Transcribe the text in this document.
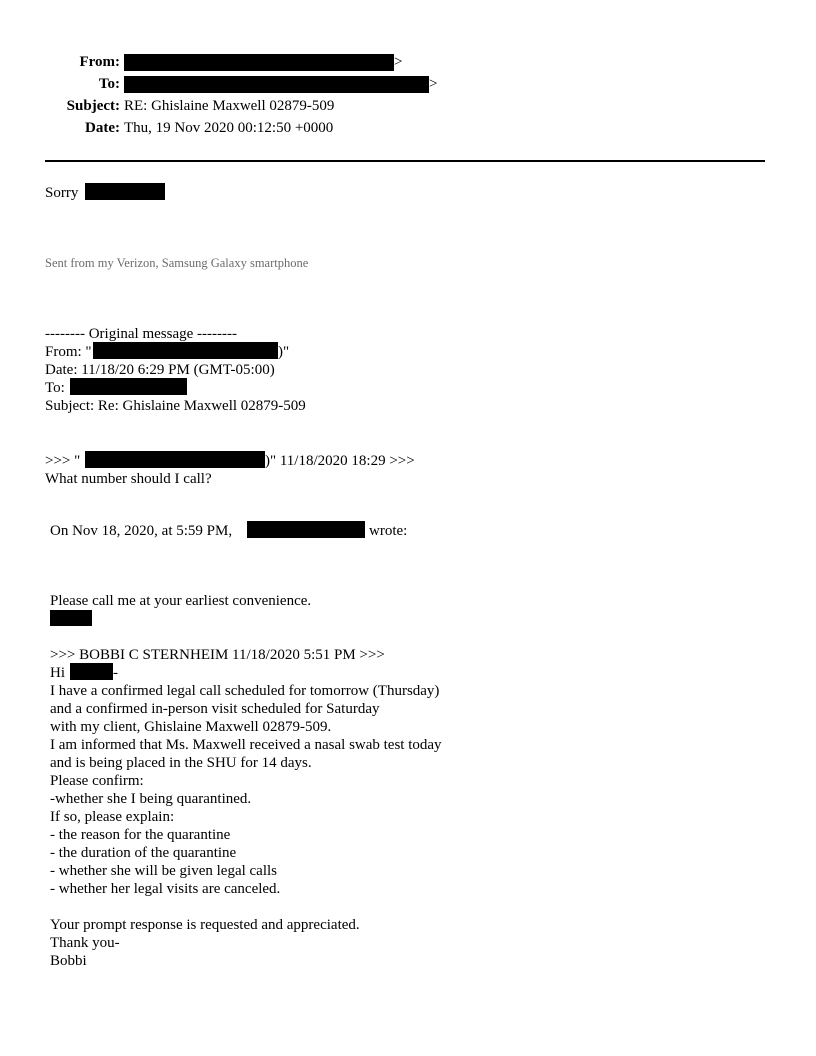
From:	>
To:	>
Subject: RE: Ghislaine Maxwell 02879-509
Date: Thu, 19 Nov 2020 00:12:50 +0000
Sorry
Sent from my Verizon, Samsung Galaxy smartphone
-------- Original message --------
From: "	)"
Date: 11/18/20 6:29 PM (GMT-05:00)
To:
Subject: Re: Ghislaine Maxwell 02879-509
>>> "	)" 11/18/2020 18:29 >>>
What number should I call?
On Nov 18, 2020, at 5:59 PM,	wrote:
Please call me at your earliest convenience.
>>> BOBBI C STERNHEIM 11/18/2020 5:51 PM >>>
Hi	-
I have a confirmed legal call scheduled for tomorrow (Thursday)
and a confirmed in-person visit scheduled for Saturday
with my client, Ghislaine Maxwell 02879-509.
I am informed that Ms. Maxwell received a nasal swab test today
and is being placed in the SHU for 14 days.
Please confirm:
-whether she I being quarantined.
If so, please explain:
- the reason for the quarantine
- the duration of the quarantine
- whether she will be given legal calls
- whether her legal visits are canceled.
Your prompt response is requested and appreciated.
Thank you-
Bobbi
